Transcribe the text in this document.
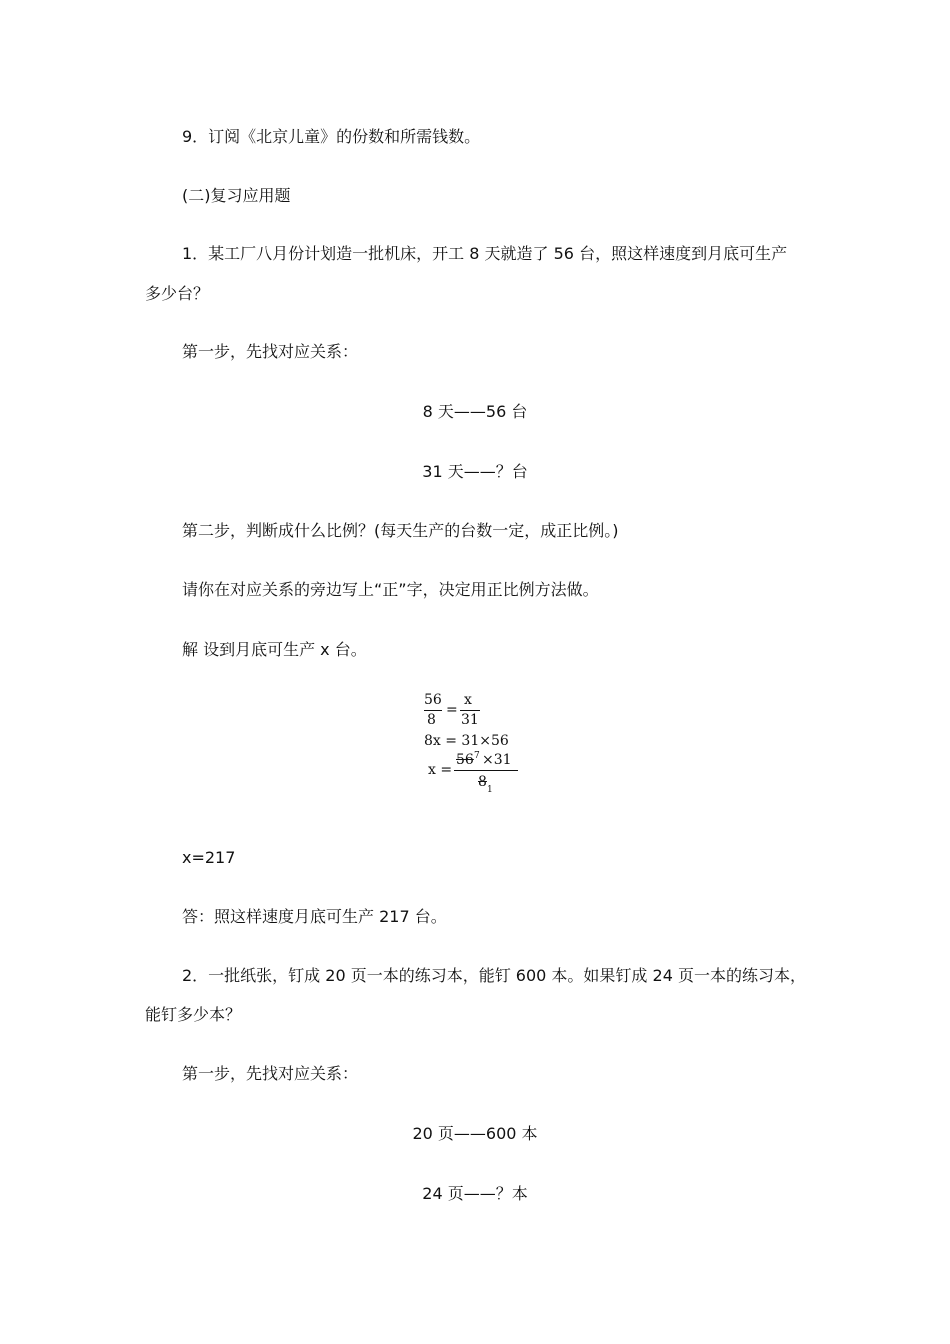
9．订阅《北京儿童》的份数和所需钱数。
(二)复习应用题
1．某工厂八月份计划造一批机床，开工 8 天就造了 56 台，照这样速度到月底可生产
多少台？
第一步，先找对应关系：
8 天——56 台
31 天——？台
第二步，判断成什么比例？(每天生产的台数一定，成正比例。)
请你在对应关系的旁边写上“正”字，决定用正比例方法做。
解 设到月底可生产 x 台。
56
8
=
x
31
8x = 31×56
x =
56 7 ×31
8 1
x=217
答：照这样速度月底可生产 217 台。
2．一批纸张，钉成 20 页一本的练习本，能钉 600 本。如果钉成 24 页一本的练习本，
能钉多少本？
第一步，先找对应关系：
20 页——600 本
24 页——？本
